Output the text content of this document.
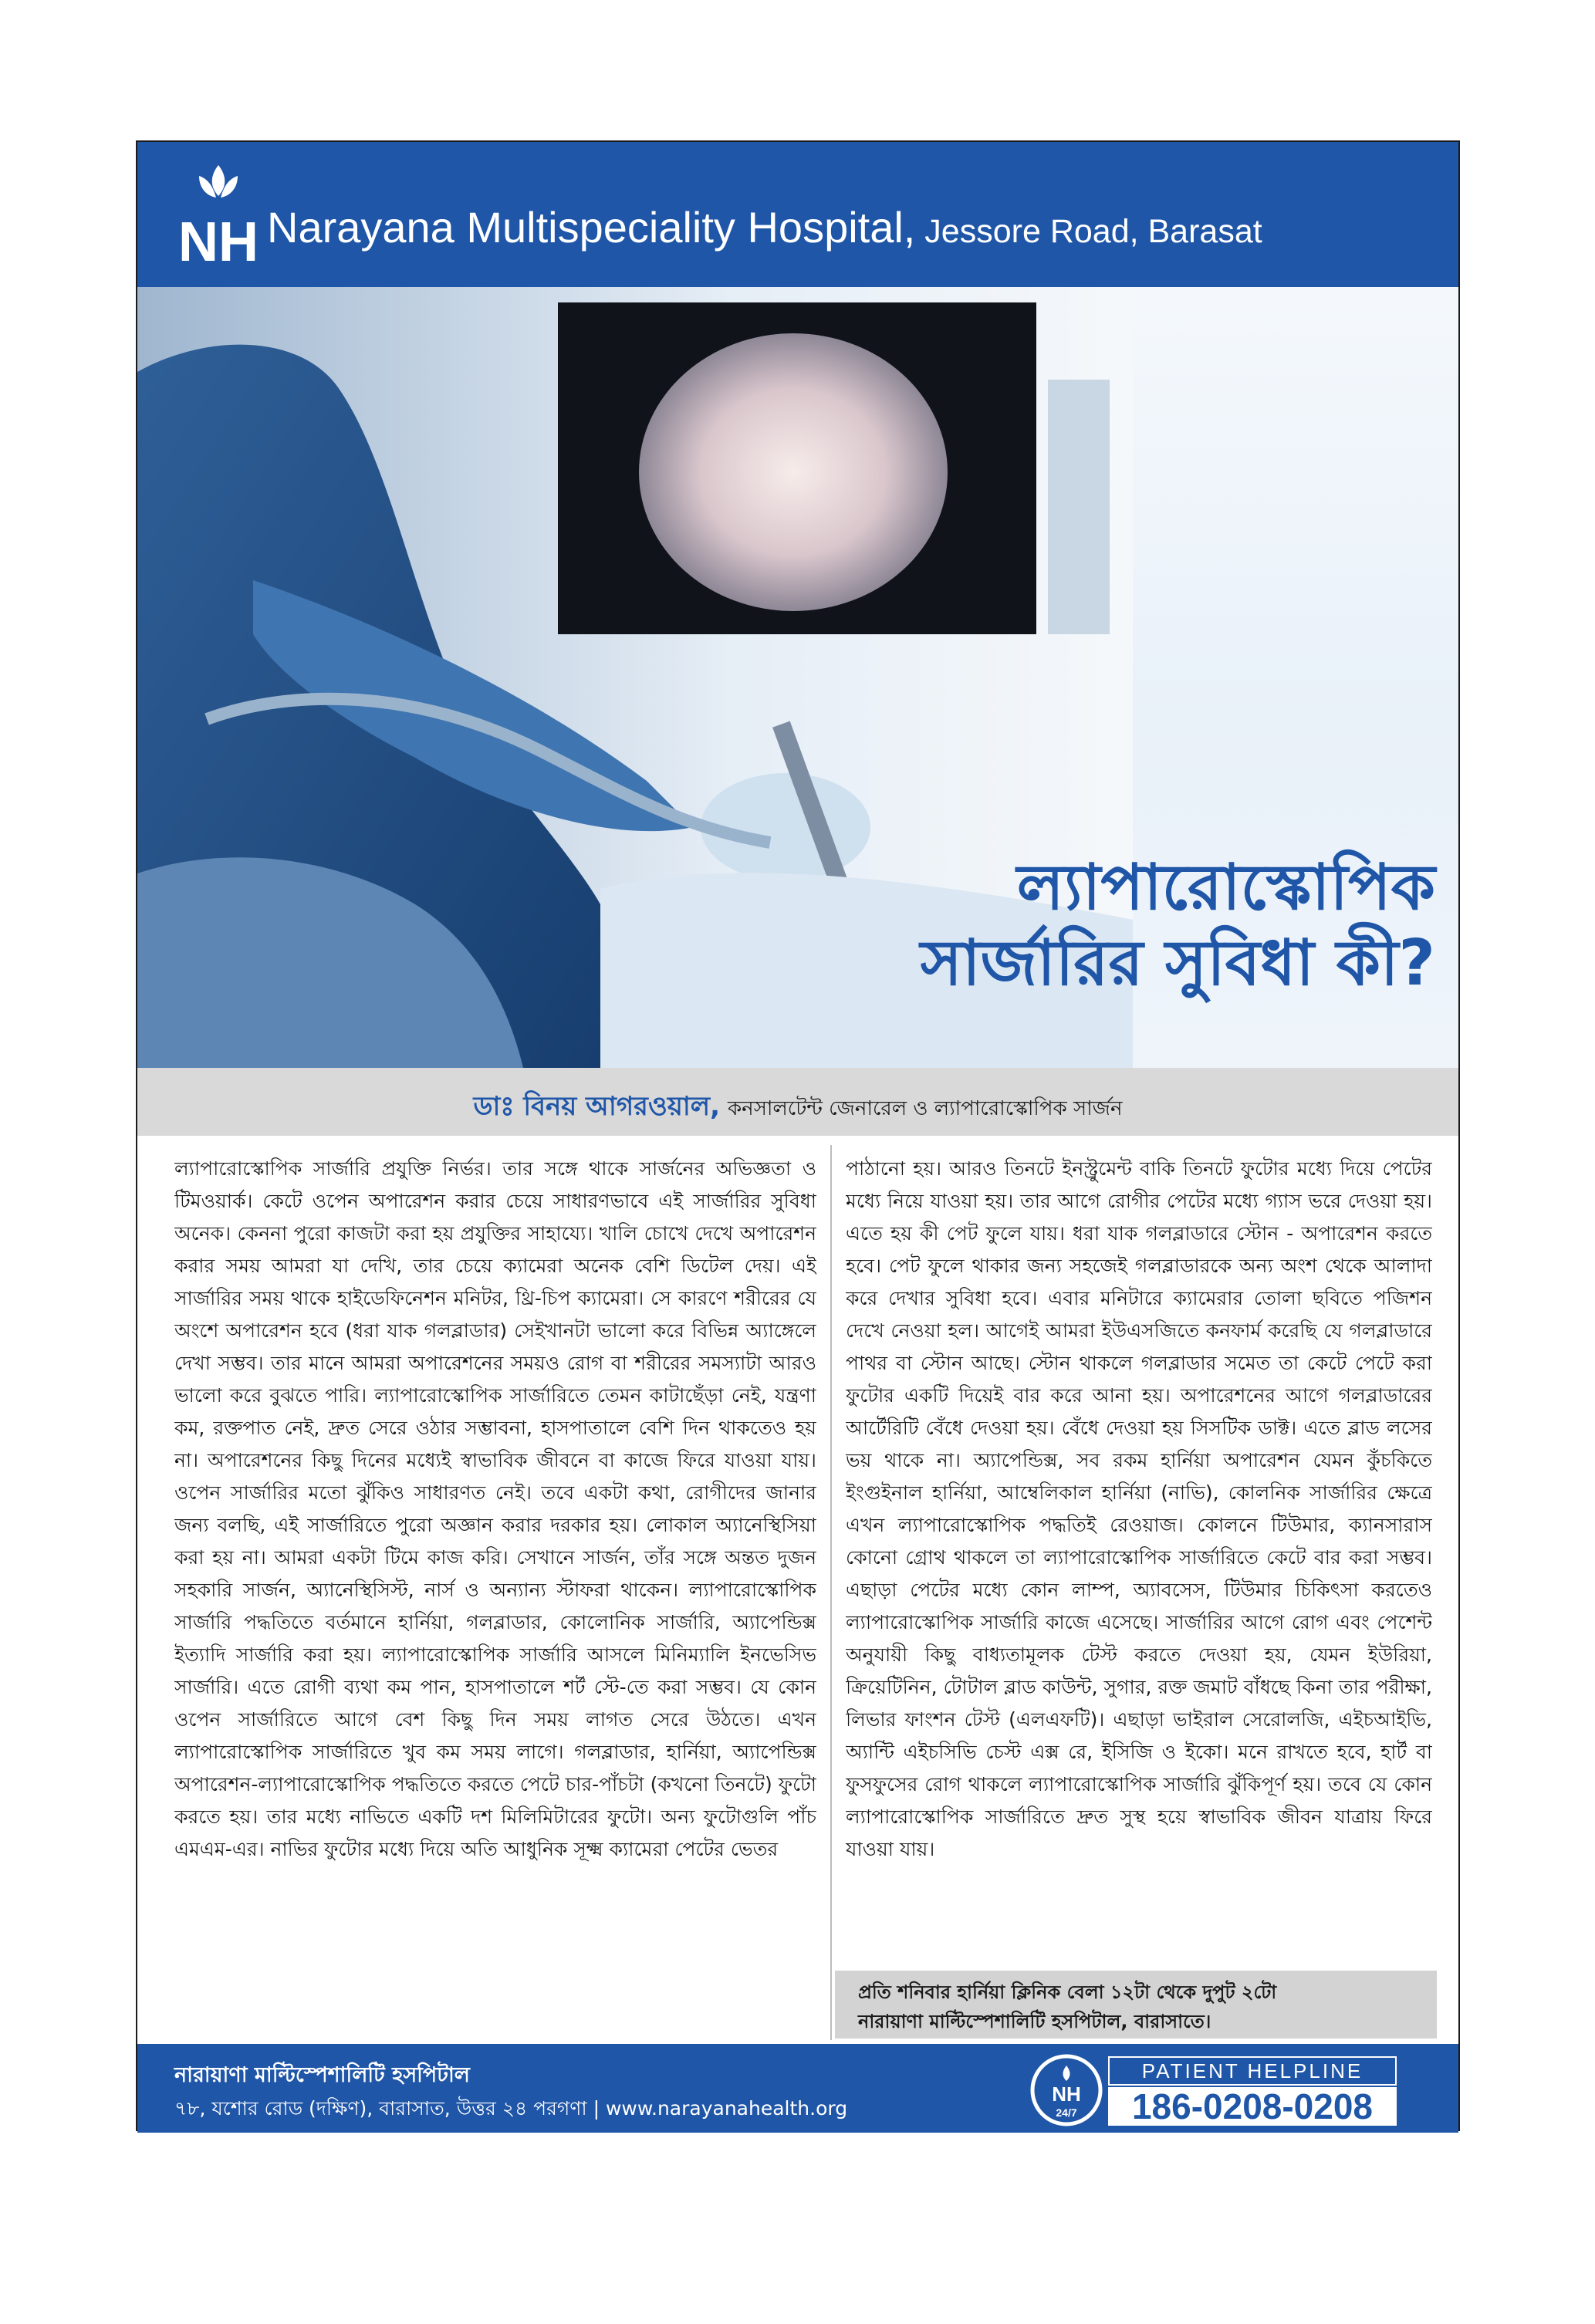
NH Narayana Multispeciality Hospital, Jessore Road, Barasat
ল্যাপারোস্কোপিক
সার্জারির সুবিধা কী?
ডাঃ বিনয় আগরওয়াল, কনসালটেন্ট জেনারেল ও ল্যাপারোস্কোপিক সার্জন
ল্যাপারোস্কোপিক সার্জারি প্রযুক্তি নির্ভর। তার সঙ্গে থাকে সার্জনের অভিজ্ঞতা ও টিমওয়ার্ক। কেটে ওপেন অপারেশন করার চেয়ে সাধারণভাবে এই সার্জারির সুবিধা অনেক। কেননা পুরো কাজটা করা হয় প্রযুক্তির সাহায্যে। খালি চোখে দেখে অপারেশন করার সময় আমরা যা দেখি, তার চেয়ে ক্যামেরা অনেক বেশি ডিটেল দেয়। এই সার্জারির সময় থাকে হাইডেফিনেশন মনিটর, থ্রি-চিপ ক্যামেরা। সে কারণে শরীরের যে অংশে অপারেশন হবে (ধরা যাক গলব্লাডার) সেইখানটা ভালো করে বিভিন্ন অ্যাঙ্গেলে দেখা সম্ভব। তার মানে আমরা অপারেশনের সময়ও রোগ বা শরীরের সমস্যাটা আরও ভালো করে বুঝতে পারি। ল্যাপারোস্কোপিক সার্জারিতে তেমন কাটাছেঁড়া নেই, যন্ত্রণা কম, রক্তপাত নেই, দ্রুত সেরে ওঠার সম্ভাবনা, হাসপাতালে বেশি দিন থাকতেও হয় না। অপারেশনের কিছু দিনের মধ্যেই স্বাভাবিক জীবনে বা কাজে ফিরে যাওয়া যায়। ওপেন সার্জারির মতো ঝুঁকিও সাধারণত নেই। তবে একটা কথা, রোগীদের জানার জন্য বলছি, এই সার্জারিতে পুরো অজ্ঞান করার দরকার হয়। লোকাল অ্যানেস্থিসিয়া করা হয় না। আমরা একটা টিমে কাজ করি। সেখানে সার্জন, তাঁর সঙ্গে অন্তত দুজন সহকারি সার্জন, অ্যানেস্থিসিস্ট, নার্স ও অন্যান্য স্টাফরা থাকেন। ল্যাপারোস্কোপিক সার্জারি পদ্ধতিতে বর্তমানে হার্নিয়া, গলব্লাডার, কোলোনিক সার্জারি, অ্যাপেন্ডিক্স ইত্যাদি সার্জারি করা হয়। ল্যাপারোস্কোপিক সার্জারি আসলে মিনিম্যালি ইনভেসিভ সার্জারি। এতে রোগী ব্যথা কম পান, হাসপাতালে শর্ট স্টে-তে করা সম্ভব। যে কোন ওপেন সার্জারিতে আগে বেশ কিছু দিন সময় লাগত সেরে উঠতে। এখন ল্যাপারোস্কোপিক সার্জারিতে খুব কম সময় লাগে। গলব্লাডার, হার্নিয়া, অ্যাপেন্ডিক্স অপারেশন-ল্যাপারোস্কোপিক পদ্ধতিতে করতে পেটে চার-পাঁচটা (কখনো তিনটে) ফুটো করতে হয়। তার মধ্যে নাভিতে একটি দশ মিলিমিটারের ফুটো। অন্য ফুটোগুলি পাঁচ এমএম-এর। নাভির ফুটোর মধ্যে দিয়ে অতি আধুনিক সূক্ষ্ম ক্যামেরা পেটের ভেতর
পাঠানো হয়। আরও তিনটে ইনস্ট্রুমেন্ট বাকি তিনটে ফুটোর মধ্যে দিয়ে পেটের মধ্যে নিয়ে যাওয়া হয়। তার আগে রোগীর পেটের মধ্যে গ্যাস ভরে দেওয়া হয়। এতে হয় কী পেট ফুলে যায়। ধরা যাক গলব্লাডারে স্টোন - অপারেশন করতে হবে। পেট ফুলে থাকার জন্য সহজেই গলব্লাডারকে অন্য অংশ থেকে আলাদা করে দেখার সুবিধা হবে। এবার মনিটারে ক্যামেরার তোলা ছবিতে পজিশন দেখে নেওয়া হল। আগেই আমরা ইউএসজিতে কনফার্ম করেছি যে গলব্লাডারে পাথর বা স্টোন আছে। স্টোন থাকলে গলব্লাডার সমেত তা কেটে পেটে করা ফুটোর একটি দিয়েই বার করে আনা হয়। অপারেশনের আগে গলব্লাডারের আর্টেরিটি বেঁধে দেওয়া হয়। বেঁধে দেওয়া হয় সিসটিক ডাক্ট। এতে ব্লাড লসের ভয় থাকে না। অ্যাপেন্ডিক্স, সব রকম হার্নিয়া অপারেশন যেমন কুঁচকিতে ইংগুইনাল হার্নিয়া, আম্বেলিকাল হার্নিয়া (নাভি), কোলনিক সার্জারির ক্ষেত্রে এখন ল্যাপারোস্কোপিক পদ্ধতিই রেওয়াজ। কোলনে টিউমার, ক্যানসারাস কোনো গ্রোথ থাকলে তা ল্যাপারোস্কোপিক সার্জারিতে কেটে বার করা সম্ভব। এছাড়া পেটের মধ্যে কোন লাম্প, অ্যাবসেস, টিউমার চিকিৎসা করতেও ল্যাপারোস্কোপিক সার্জারি কাজে এসেছে। সার্জারির আগে রোগ এবং পেশেন্ট অনুযায়ী কিছু বাধ্যতামূলক টেস্ট করতে দেওয়া হয়, যেমন ইউরিয়া, ক্রিয়েটিনিন, টোটাল ব্লাড কাউন্ট, সুগার, রক্ত জমাট বাঁধছে কিনা তার পরীক্ষা, লিভার ফাংশন টেস্ট (এলএফটি)। এছাড়া ভাইরাল সেরোলজি, এইচআইভি, অ্যান্টি এইচসিভি চেস্ট এক্স রে, ইসিজি ও ইকো। মনে রাখতে হবে, হার্ট বা ফুসফুসের রোগ থাকলে ল্যাপারোস্কোপিক সার্জারি ঝুঁকিপূর্ণ হয়। তবে যে কোন ল্যাপারোস্কোপিক সার্জারিতে দ্রুত সুস্থ হয়ে স্বাভাবিক জীবন যাত্রায় ফিরে যাওয়া যায়।
প্রতি শনিবার হার্নিয়া ক্লিনিক বেলা ১২টা থেকে দুপুট ২টো
নারায়াণা মাল্টিস্পেশালিটি হসপিটাল, বারাসাতে।
নারায়াণা মাল্টিস্পেশালিটি হসপিটাল
৭৮, যশোর রোড (দক্ষিণ), বারাসাত, উত্তর ২৪ পরগণা | www.narayanahealth.org
NH
24/7
PATIENT HELPLINE
186-0208-0208
